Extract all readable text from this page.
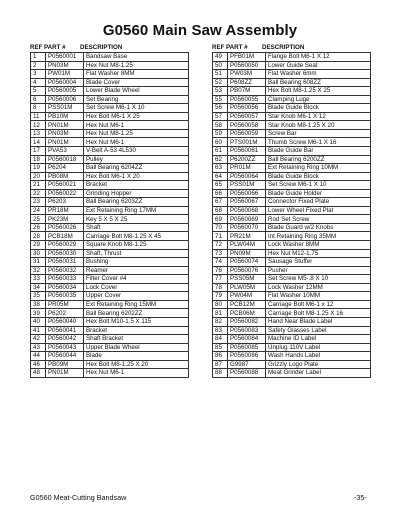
G0560 Main Saw Assembly
REF PART #	DESCRIPTION
1	P0560001	Bandsaw Base
2	PN03M	Hex Nut M8-1.25
3	PW01M	Flat Washer 8MM
4	P0560004	Blade Cover
5	P0560005	Lower Blade Wheel
6	P0560006	Set Bearing
8	PSS01M	Set Screw M6-1 X 10
11	PB10M	Hex Bolt M6-1 X 25
12	PN01M	Hex Nut M6-1
13	PN03M	Hex Nut M8-1.25
14	PN01M	Hex Nut M6-1
17	PVA53	V-Belt A-53 4L530
18	P0560018	Pulley
19	P6204	Ball Bearing 6204ZZ
20	PB08M	Hex Bolt M6-1 X 20
21	P0560021	Bracket
22	P0560022	Grinding Hopper
23	P6203	Ball Bearing 6203ZZ
24	PR18M	Ext Retaining Ring 17MM
25	PK23M	Key 5 X 5 X 25
26	P0560026	Shaft
28	PCB18M	Carriage Bolt M8-1.25 X 45
29	P0560029	Square Knob M8-1.25
30	P0560030	Shaft, Thrust
31	P0560031	Bushing
32	P0560032	Reamer
33	P0560033	Filter Cover #4
34	P0560034	Lock Cover
35	P0560035	Upper Cover
38	PR05M	Ext Retaining Ring 15MM
39	P6202	Ball Bearing 6202ZZ
40	P0560040	Hex Bolt M10-1.5 X 115
41	P0560041	Bracket
42	P0560042	Shaft Bracket
43	P0560043	Upper Blade Wheel
44	P0560044	Blade
46	PB09M	Hex Bolt M8-1.25 X 20
48	PN01M	Hex Nut M6-1
REF PART #	DESCRIPTION
49	PFB01M	Flange Bolt M6-1 X 12
50	P0560050	Lower Guide Seat
51	PW03M	Flat Washer 6mm
52	P608ZZ	Ball Bearing 608ZZ
53	PB07M	Hex Bolt M8-1.25 X 25
55	P0560055	Clamping Luge
56	P0560056	Blade Guide Block
57	P0560057	Star Knob M6-1 X 12
58	P0560058	Star Knob M8-1.25 X 20
59	P0560059	Screw Bar
60	PTS001M	Thumb Screw M6-1 X 16
61	P0560061	Blade Guide Bar
62	P6200ZZ	Ball Bearing 6200ZZ
63	PR01M	Ext Retaining Ring 10MM
64	P0560064	Blade Guide Block
65	PSS01M	Set Screw M6-1 X 10
66	P0560066	Blade Guide Holder
67	P0560067	Connector Fixed Plate
68	P0560068	Lower Wheel Fixed Plat
69	P0560069	Rod Set Screw
70	P0560070	Blade Guard w/2 Knobs
71	PR21M	Int Retaining Ring 35MM
72	PLW04M	Lock Washer 8MM
73	PN09M	Hex Nut M12-1.75
74	P0560074	Sausage Stuffer
76	P0560076	Pusher
77	PSS05M	Set Screw M5-.8 X 10
78	PLW05M	Lock Washer 12MM
79	PW04M	Flat Washer 10MM
80	PCB12M	Carriage Bolt M6-1 x 12
81	PCB06M	Carriage Bolt M8-1.25 X 16
82	P0560082	Hand Near Blade Label
83	P0560083	Safety Glasses Label
84	P0560084	Machine ID Label
85	P0560085	Unplug 110V Label
86	P0560086	Wash Hands Label
87	G9987	Grizzly Logo Plate
88	P0560088	Meat Grinder Label
G0560 Meat-Cutting Bandsaw	-35-
